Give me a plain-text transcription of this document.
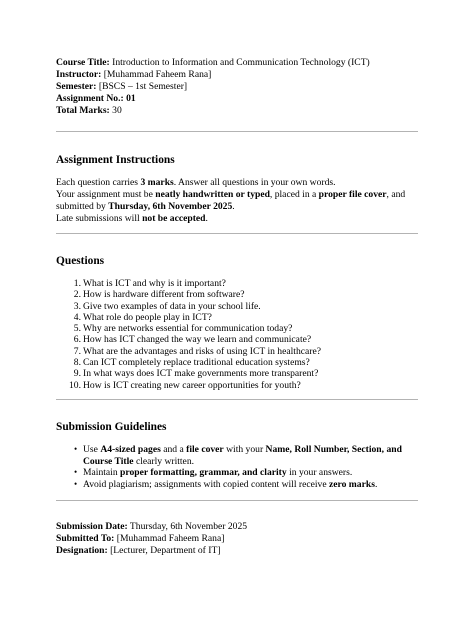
Course Title: Introduction to Information and Communication Technology (ICT)
Instructor: [Muhammad Faheem Rana]
Semester: [BSCS – 1st Semester]
Assignment No.: 01
Total Marks: 30
Assignment Instructions

Each question carries 3 marks. Answer all questions in your own words.

Your assignment must be neatly handwritten or typed, placed in a proper file cover, and

submitted by Thursday, 6th November 2025.

Late submissions will not be accepted.

Questions
1. What is ICT and why is it important?
2. How is hardware different from software?
3. Give two examples of data in your school life.
4. What role do people play in ICT?
5. Why are networks essential for communication today?
6. How has ICT changed the way we learn and communicate?
7. What are the advantages and risks of using ICT in healthcare?
8. Can ICT completely replace traditional education systems?
9. In what ways does ICT make governments more transparent?
10. How is ICT creating new career opportunities for youth?
Submission Guidelines
• Use A4-sized pages and a file cover with your Name, Roll Number, Section, and Course Title clearly written.
• Maintain proper formatting, grammar, and clarity in your answers.
• Avoid plagiarism; assignments with copied content will receive zero marks.
Submission Date: Thursday, 6th November 2025
Submitted To: [Muhammad Faheem Rana]
Designation: [Lecturer, Department of IT]
